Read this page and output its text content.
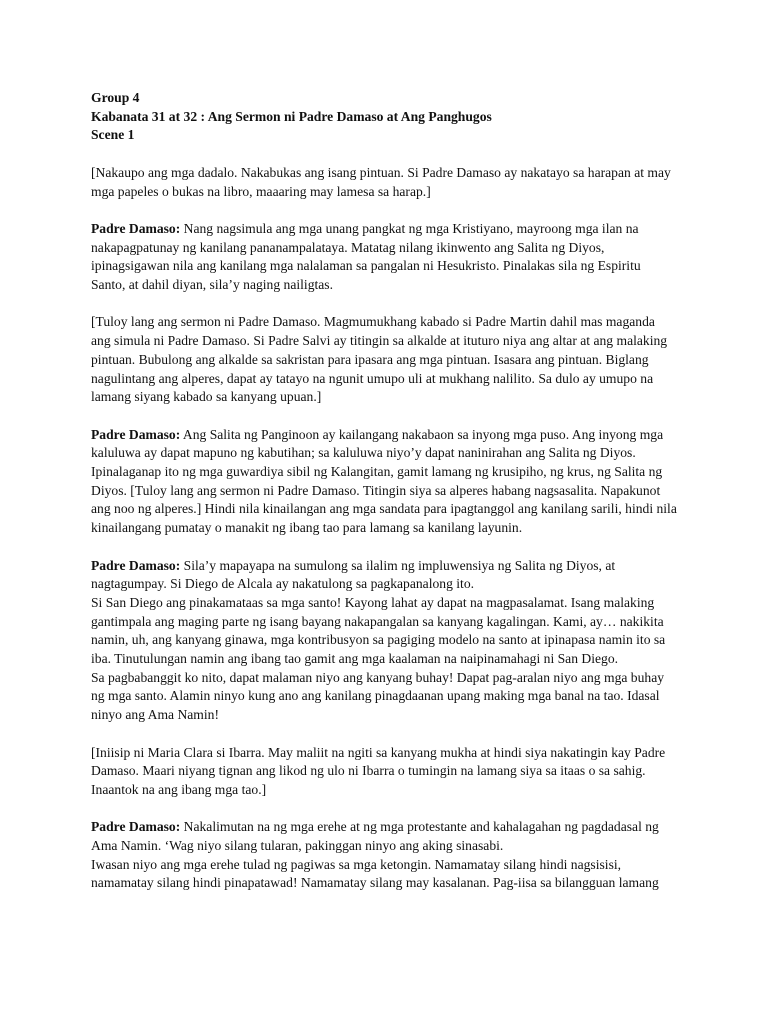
Group 4
Kabanata 31 at 32 : Ang Sermon ni Padre Damaso at Ang Panghugos
Scene 1

[Nakaupo ang mga dadalo. Nakabukas ang isang pintuan. Si Padre Damaso ay nakatayo sa harapan at may mga papeles o bukas na libro, maaaring may lamesa sa harap.]

Padre Damaso: Nang nagsimula ang mga unang pangkat ng mga Kristiyano, mayroong mga ilan na nakapagpatunay ng kanilang pananampalataya. Matatag nilang ikinwento ang Salita ng Diyos, ipinagsigawan nila ang kanilang mga nalalaman sa pangalan ni Hesukristo. Pinalakas sila ng Espiritu Santo, at dahil diyan, sila’y naging nailigtas.

[Tuloy lang ang sermon ni Padre Damaso. Magmumukhang kabado si Padre Martin dahil mas maganda ang simula ni Padre Damaso. Si Padre Salvi ay titingin sa alkalde at ituturo niya ang altar at ang malaking pintuan. Bubulong ang alkalde sa sakristan para ipasara ang mga pintuan. Isasara ang pintuan. Biglang nagulintang ang alperes, dapat ay tatayo na ngunit umupo uli at mukhang nalilito. Sa dulo ay umupo na lamang siyang kabado sa kanyang upuan.]

Padre Damaso: Ang Salita ng Panginoon ay kailangang nakabaon sa inyong mga puso. Ang inyong mga kaluluwa ay dapat mapuno ng kabutihan; sa kaluluwa niyo’y dapat naninirahan ang Salita ng Diyos. Ipinalaganap ito ng mga guwardiya sibil ng Kalangitan, gamit lamang ng krusipiho, ng krus, ng Salita ng Diyos. [Tuloy lang ang sermon ni Padre Damaso. Titingin siya sa alperes habang nagsasalita. Napakunot ang noo ng alperes.] Hindi nila kinailangan ang mga sandata para ipagtanggol ang kanilang sarili, hindi nila kinailangang pumatay o manakit ng ibang tao para lamang sa kanilang layunin.

Padre Damaso: Sila’y mapayapa na sumulong sa ilalim ng impluwensiya ng Salita ng Diyos, at nagtagumpay. Si Diego de Alcala ay nakatulong sa pagkapanalong ito.
Si San Diego ang pinakamataas sa mga santo! Kayong lahat ay dapat na magpasalamat. Isang malaking gantimpala ang maging parte ng isang bayang nakapangalan sa kanyang kagalingan. Kami, ay… nakikita namin, uh, ang kanyang ginawa, mga kontribusyon sa pagiging modelo na santo at ipinapasa namin ito sa iba. Tinutulungan namin ang ibang tao gamit ang mga kaalaman na naipinamahagi ni San Diego.
Sa pagbabanggit ko nito, dapat malaman niyo ang kanyang buhay! Dapat pag-aralan niyo ang mga buhay ng mga santo. Alamin ninyo kung ano ang kanilang pinagdaanan upang making mga banal na tao. Idasal ninyo ang Ama Namin!

[Iniisip ni Maria Clara si Ibarra. May maliit na ngiti sa kanyang mukha at hindi siya nakatingin kay Padre Damaso. Maari niyang tignan ang likod ng ulo ni Ibarra o tumingin na lamang siya sa itaas o sa sahig. Inaantok na ang ibang mga tao.]

Padre Damaso: Nakalimutan na ng mga erehe at ng mga protestante and kahalagahan ng pagdadasal ng Ama Namin. ‘Wag niyo silang tularan, pakinggan ninyo ang aking sinasabi.
Iwasan niyo ang mga erehe tulad ng pagiwas sa mga ketongin. Namamatay silang hindi nagsisisi, namamatay silang hindi pinapatawad! Namamatay silang may kasalanan. Pag-iisa sa bilangguan lamang
